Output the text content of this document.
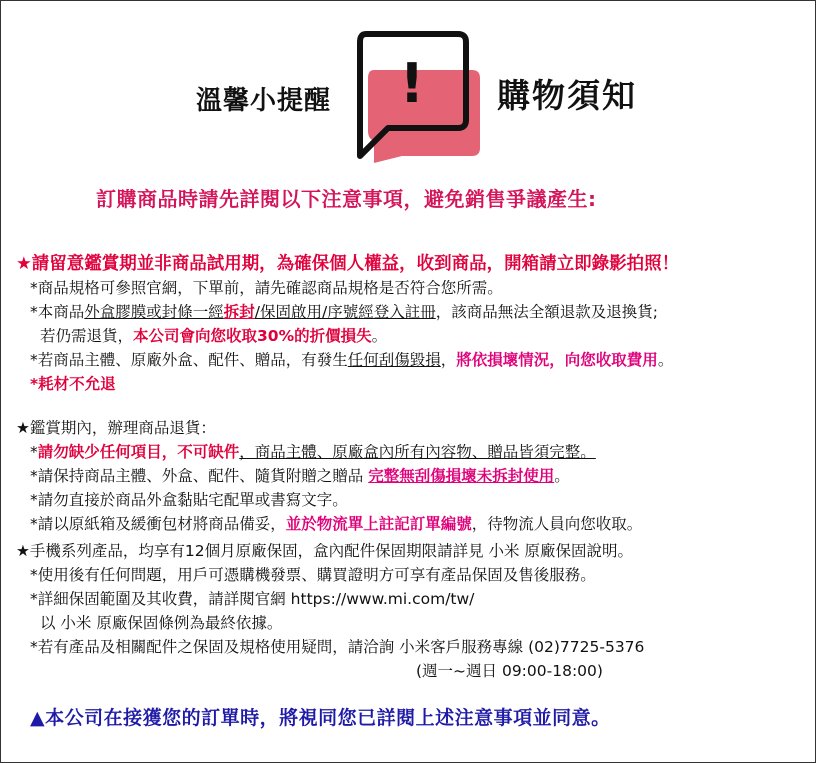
溫馨小提醒 ! 購物須知
訂購商品時請先詳閱以下注意事項，避免銷售爭議產生:
★請留意鑑賞期並非商品試用期，為確保個人權益，收到商品，開箱請立即錄影拍照！
*商品規格可參照官網，下單前，請先確認商品規格是否符合您所需。
*本商品外盒膠膜或封條一經拆封/保固啟用/序號經登入註冊，該商品無法全額退款及退換貨;
若仍需退貨，本公司會向您收取30%的折價損失。
*若商品主體、原廠外盒、配件、贈品，有發生任何刮傷毀損，將依損壞情況，向您收取費用。
*耗材不允退
★鑑賞期內，辦理商品退貨：
*請勿缺少任何項目，不可缺件，商品主體、原廠盒內所有內容物、贈品皆須完整。
*請保持商品主體、外盒、配件、隨貨附贈之贈品 完整無刮傷損壞未拆封使用。
*請勿直接於商品外盒黏貼宅配單或書寫文字。
*請以原紙箱及緩衝包材將商品備妥，並於物流單上註記訂單編號，待物流人員向您收取。
★手機系列產品，均享有12個月原廠保固，盒內配件保固期限請詳見 小米 原廠保固說明。
*使用後有任何問題，用戶可憑購機發票、購買證明方可享有產品保固及售後服務。
*詳細保固範圍及其收費，請詳閱官網 https://www.mi.com/tw/
以 小米 原廠保固條例為最終依據。
*若有產品及相關配件之保固及規格使用疑問，請洽詢 小米客戶服務專線 (02)7725-5376
(週一~週日 09:00-18:00)
▲本公司在接獲您的訂單時，將視同您已詳閱上述注意事項並同意。
